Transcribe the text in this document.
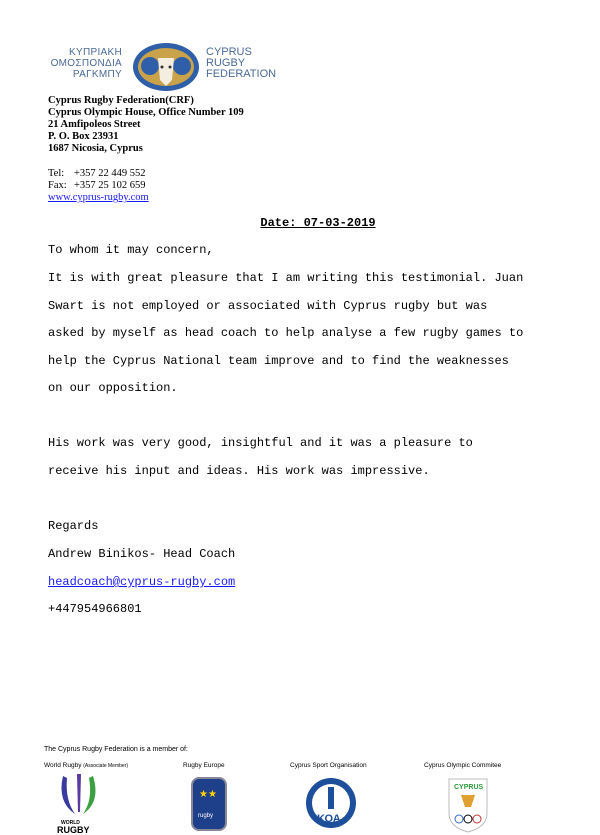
ΚΥΠΡΙΑΚΗ
ΟΜΟΣΠΟΝΔΙΑ
ΡΑΓΚΜΠΥ
CYPRUS
RUGBY
FEDERATION
Cyprus Rugby Federation(CRF)
Cyprus Olympic House, Office Number 109
21 Amfipoleos Street
P. O. Box 23931
1687 Nicosia, Cyprus
Tel: +357 22 449 552
Fax: +357 25 102 659
www.cyprus-rugby.com
Date: 07-03-2019
To whom it may concern,
It is with great pleasure that I am writing this testimonial. Juan
Swart is not employed or associated with Cyprus rugby but was
asked by myself as head coach to help analyse a few rugby games to
help the Cyprus National team improve and to find the weaknesses
on our opposition.
His work was very good, insightful and it was a pleasure to
receive his input and ideas. His work was impressive.
Regards
Andrew Binikos- Head Coach
headcoach@cyprus-rugby.com
+447954966801
The Cyprus Rugby Federation is a member of:
World Rugby (Associate Member)	Rugby Europe	Cyprus Sport Organisation	Cyprus Olympic Commitee
WORLD
RUGBY
★★
rugby	ΚΟΑ
CYPRUS
